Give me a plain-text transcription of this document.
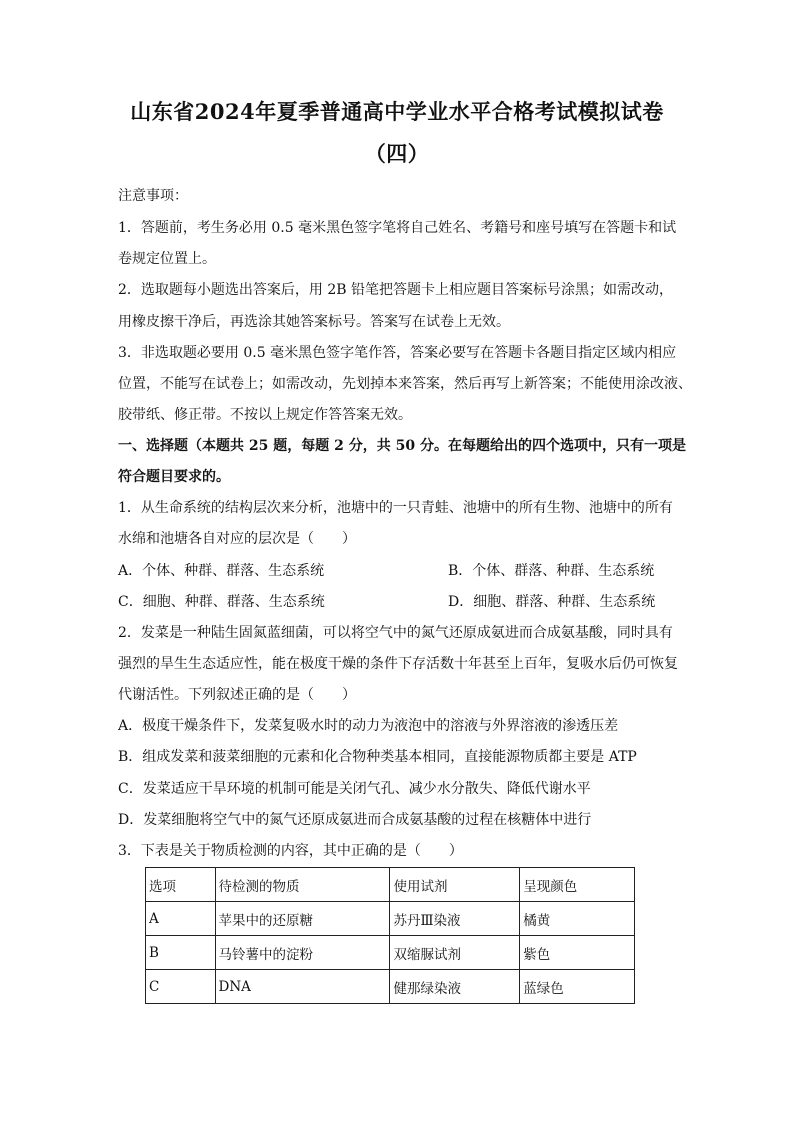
山东省2024年夏季普通高中学业水平合格考试模拟试卷
（四）
注意事项：
1．答题前，考生务必用 0.5 毫米黑色签字笔将自己姓名、考籍号和座号填写在答题卡和试
卷规定位置上。
2．选取题每小题选出答案后，用 2B 铅笔把答题卡上相应题目答案标号涂黑；如需改动，
用橡皮擦干净后，再选涂其她答案标号。答案写在试卷上无效。
3．非选取题必要用 0.5 毫米黑色签字笔作答，答案必要写在答题卡各题目指定区域内相应
位置，不能写在试卷上；如需改动，先划掉本来答案，然后再写上新答案；不能使用涂改液、
胶带纸、修正带。不按以上规定作答答案无效。
一、选择题（本题共 25 题，每题 2 分，共 50 分。在每题给出的四个选项中，只有一项是
符合题目要求的。
1．从生命系统的结构层次来分析，池塘中的一只青蛙、池塘中的所有生物、池塘中的所有
水绵和池塘各自对应的层次是（　　）
A．个体、种群、群落、生态系统	B．个体、群落、种群、生态系统
C．细胞、种群、群落、生态系统	D．细胞、群落、种群、生态系统
2．发菜是一种陆生固氮蓝细菌，可以将空气中的氮气还原成氨进而合成氨基酸，同时具有
强烈的旱生生态适应性，能在极度干燥的条件下存活数十年甚至上百年，复吸水后仍可恢复
代谢活性。下列叙述正确的是（　　）
A．极度干燥条件下，发菜复吸水时的动力为液泡中的溶液与外界溶液的渗透压差
B．组成发菜和菠菜细胞的元素和化合物种类基本相同，直接能源物质都主要是 ATP
C．发菜适应干旱环境的机制可能是关闭气孔、减少水分散失、降低代谢水平
D．发菜细胞将空气中的氮气还原成氨进而合成氨基酸的过程在核糖体中进行
3．下表是关于物质检测的内容，其中正确的是（　　）
选项	待检测的物质	使用试剂	呈现颜色
A	苹果中的还原糖	苏丹Ⅲ染液	橘黄
B	马铃薯中的淀粉	双缩脲试剂	紫色
C	DNA	健那绿染液	蓝绿色
